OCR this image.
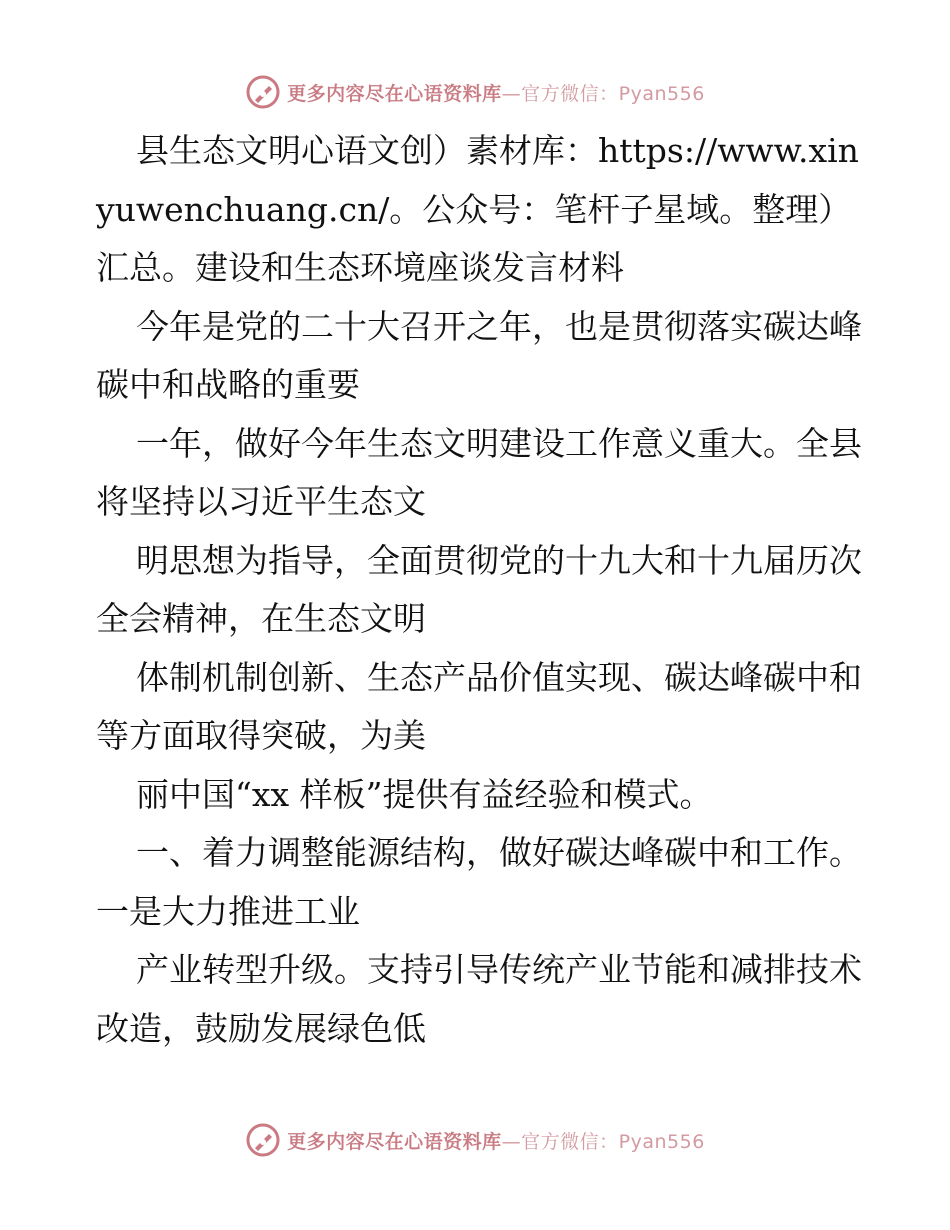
更多内容尽在心语资料库—官方微信：Pyan556

县生态文明心语文创）素材库：https://www.xinyuwenchuang.cn/。公众号：笔杆子星域。整理）汇总。建设和生态环境座谈发言材料

今年是党的二十大召开之年，也是贯彻落实碳达峰碳中和战略的重要

一年，做好今年生态文明建设工作意义重大。全县将坚持以习近平生态文

明思想为指导，全面贯彻党的十九大和十九届历次全会精神，在生态文明

体制机制创新、生态产品价值实现、碳达峰碳中和等方面取得突破，为美

丽中国“xx 样板”提供有益经验和模式。

一、着力调整能源结构，做好碳达峰碳中和工作。一是大力推进工业

产业转型升级。支持引导传统产业节能和减排技术改造，鼓励发展绿色低

更多内容尽在心语资料库—官方微信：Pyan556
